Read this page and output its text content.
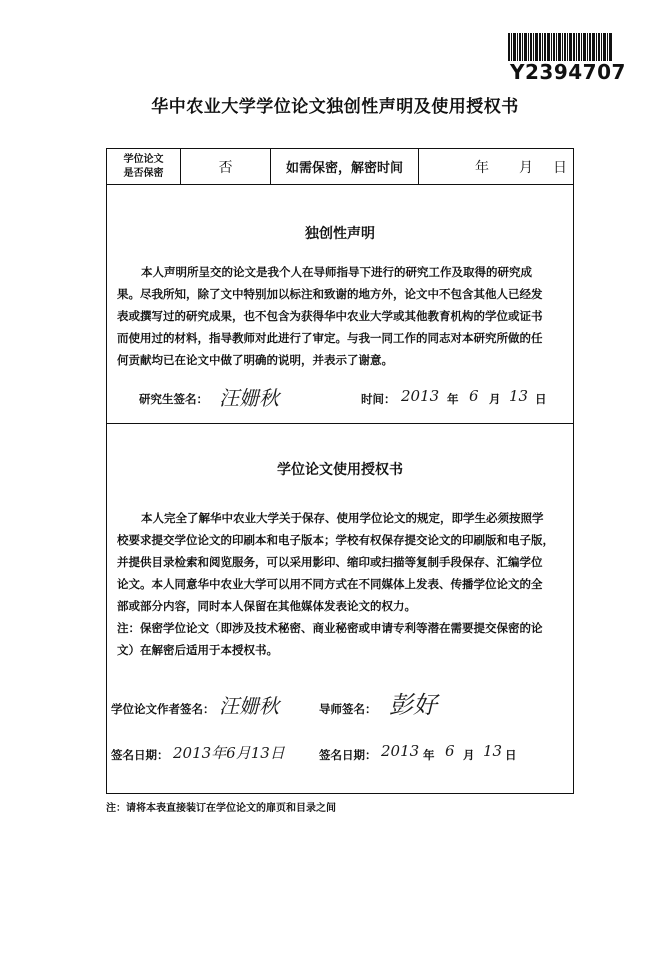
Y2394707
华中农业大学学位论文独创性声明及使用授权书
学位论文
是否保密	否	如需保密，解密时间	年 月 日
独创性声明
本人声明所呈交的论文是我个人在导师指导下进行的研究工作及取得的研究成
果。尽我所知，除了文中特别加以标注和致谢的地方外，论文中不包含其他人已经发
表或撰写过的研究成果，也不包含为获得华中农业大学或其他教育机构的学位或证书
而使用过的材料，指导教师对此进行了审定。与我一同工作的同志对本研究所做的任
何贡献均已在论文中做了明确的说明，并表示了谢意。
研究生签名： 汪姗秋	时间： 2013 年 6 月 13 日
学位论文使用授权书
本人完全了解华中农业大学关于保存、使用学位论文的规定，即学生必须按照学
校要求提交学位论文的印刷本和电子版本；学校有权保存提交论文的印刷版和电子版，
并提供目录检索和阅览服务，可以采用影印、缩印或扫描等复制手段保存、汇编学位
论文。本人同意华中农业大学可以用不同方式在不同媒体上发表、传播学位论文的全
部或部分内容，同时本人保留在其他媒体发表论文的权力。
注：保密学位论文（即涉及技术秘密、商业秘密或申请专利等潜在需要提交保密的论
文）在解密后适用于本授权书。
学位论文作者签名： 汪姗秋	导师签名： 彭好
签名日期： 2013年6月13日	签名日期： 2013 年 6 月 13 日
注：请将本表直接装订在学位论文的扉页和目录之间
